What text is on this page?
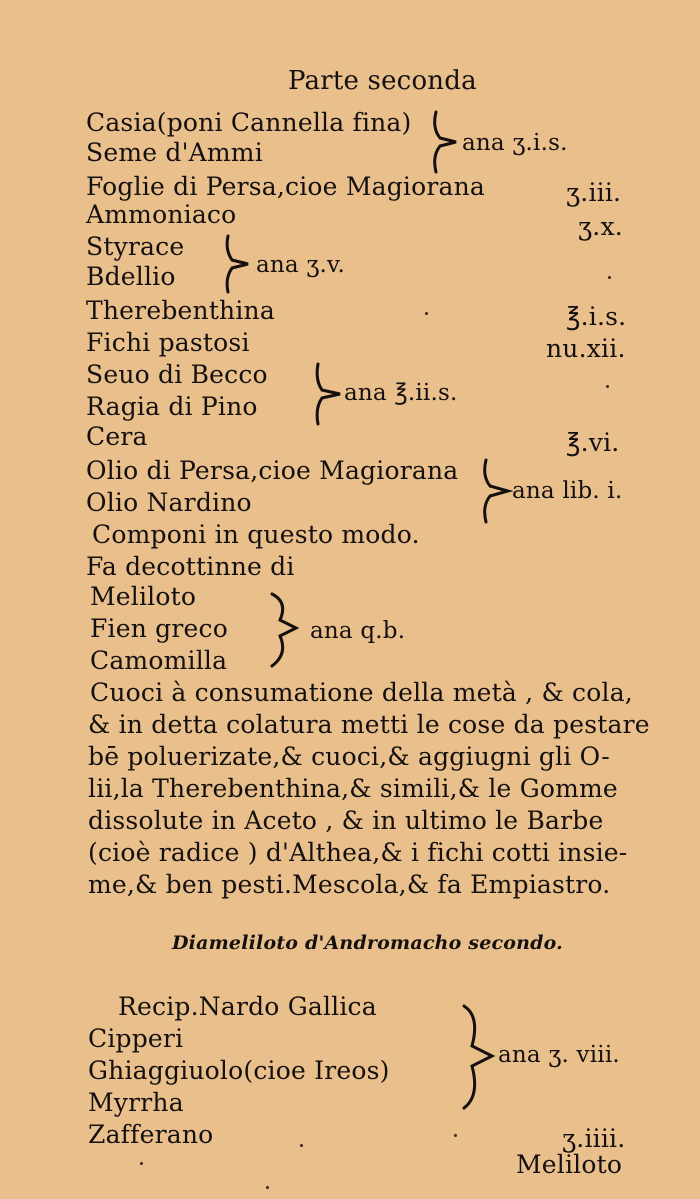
Parte seconda
Casia(poni Cannella fina)
Seme d'Ammi	ana ʒ.i.s.
Foglie di Persa,cioe Magiorana	ʒ.iii.
Ammoniaco	ʒ.x.
Styrace
Bdellio	ana ʒ.v.
Therebenthina	℥.i.s.
Fichi pastosi	nu.xii.
Seuo di Becco
Ragia di Pino	ana ℥.ii.s.
Cera	℥.vi.
Olio di Persa,cioe Magiorana
Olio Nardino	ana lib. i.
Componi in questo modo.
Fa decottinne di
Meliloto
Fien greco
Camomilla
ana q.b.
Cuoci à consumatione della metà , & cola,
& in detta colatura metti le cose da pestare
bē poluerizate,& cuoci,& aggiugni gli O-
lii,la Therebenthina,& simili,& le Gomme
dissolute in Aceto , & in ultimo le Barbe
(cioè radice ) d'Althea,& i fichi cotti insie-
me,& ben pesti.Mescola,& fa Empiastro.
Diameliloto d'Andromacho secondo.
Recip.Nardo Gallica
Cipperi
Ghiaggiuolo(cioe Ireos)
Myrrha
ana ʒ. viii.
Zafferano	ʒ.iiii.
Meliloto
